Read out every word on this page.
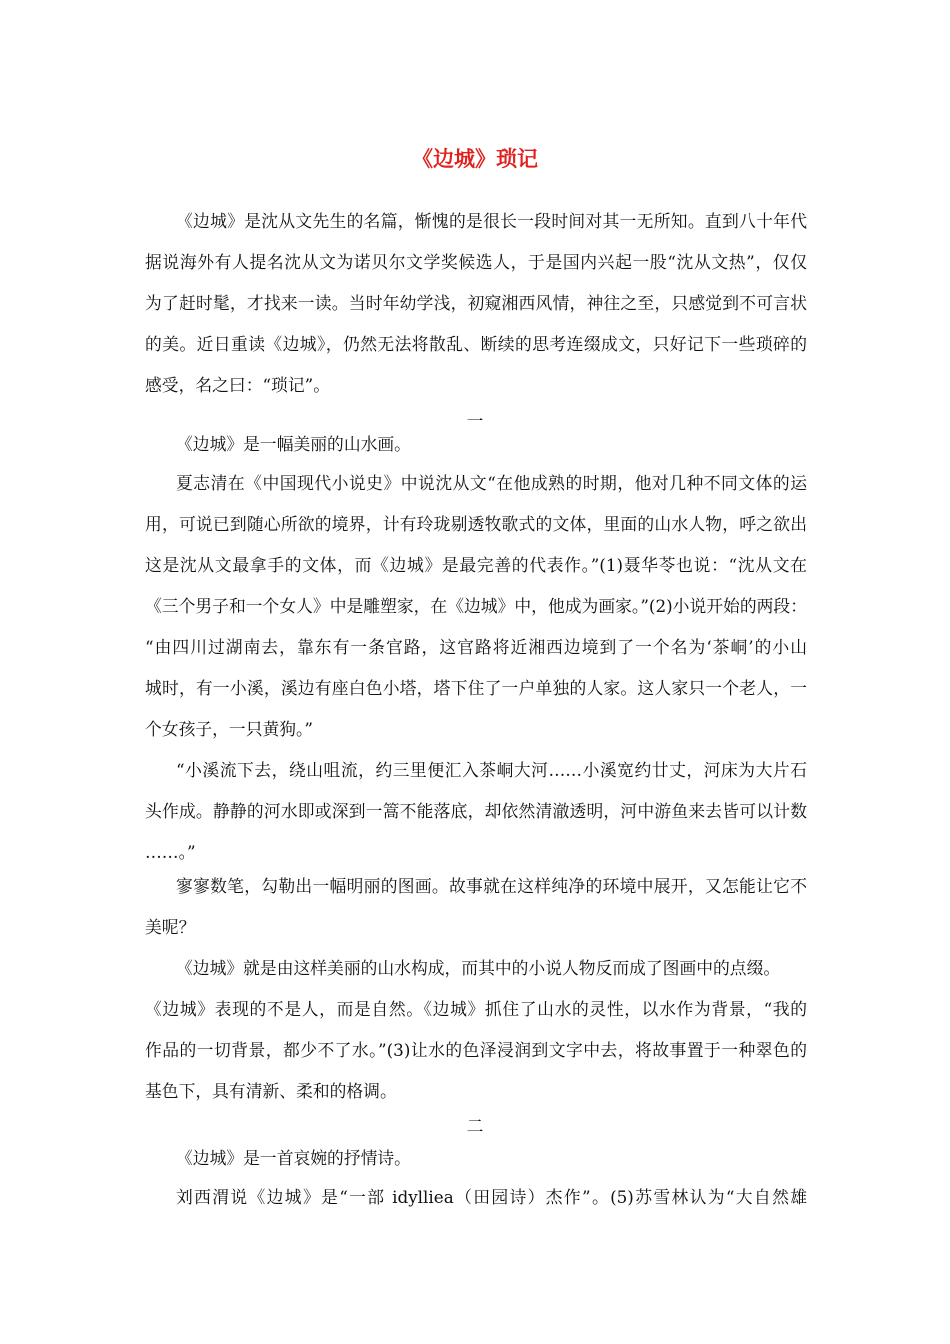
《边城》琐记
《边城》是沈从文先生的名篇，惭愧的是很长一段时间对其一无所知。直到八十年代
据说海外有人提名沈从文为诺贝尔文学奖候选人，于是国内兴起一股“沈从文热”，仅仅
为了赶时髦，才找来一读。当时年幼学浅，初窥湘西风情，神往之至，只感觉到不可言状
的美。近日重读《边城》，仍然无法将散乱、断续的思考连缀成文，只好记下一些琐碎的
感受，名之曰：“琐记”。
一
《边城》是一幅美丽的山水画。
夏志清在《中国现代小说史》中说沈从文“在他成熟的时期，他对几种不同文体的运
用，可说已到随心所欲的境界，计有玲珑剔透牧歌式的文体，里面的山水人物，呼之欲出
这是沈从文最拿手的文体，而《边城》是最完善的代表作。”(1)聂华苓也说：“沈从文在
《三个男子和一个女人》中是雕塑家，在《边城》中，他成为画家。”(2)小说开始的两段：
“由四川过湖南去，靠东有一条官路，这官路将近湘西边境到了一个名为‘茶峒’的小山
城时，有一小溪，溪边有座白色小塔，塔下住了一户单独的人家。这人家只一个老人，一
个女孩子，一只黄狗。”
“小溪流下去，绕山咀流，约三里便汇入茶峒大河……小溪宽约廿丈，河床为大片石
头作成。静静的河水即或深到一篙不能落底，却依然清澈透明，河中游鱼来去皆可以计数
……。”
寥寥数笔，勾勒出一幅明丽的图画。故事就在这样纯净的环境中展开，又怎能让它不
美呢？
《边城》就是由这样美丽的山水构成，而其中的小说人物反而成了图画中的点缀。
《边城》表现的不是人，而是自然。《边城》抓住了山水的灵性，以水作为背景，“我的
作品的一切背景，都少不了水。”(3)让水的色泽浸润到文字中去，将故事置于一种翠色的
基色下，具有清新、柔和的格调。
二
《边城》是一首哀婉的抒情诗。
刘西渭说《边城》是“一部 idylliea（田园诗）杰作”。(5)苏雪林认为“大自然雄
